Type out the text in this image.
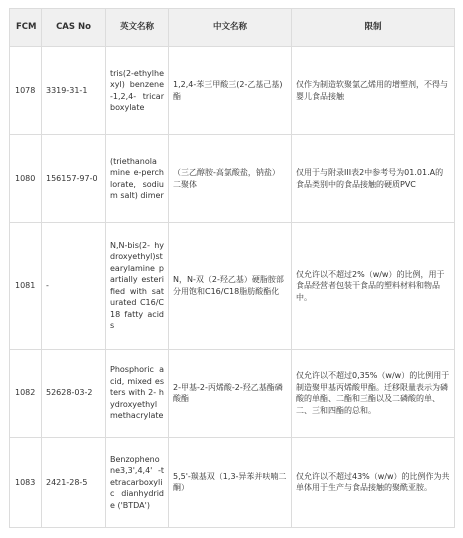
FCM	CAS No	英文名称	中文名称	限制
1078	3319-31-1	tris(2-ethylhexyl) benzene-1,2,4- tricarboxylate	1,2,4-苯三甲酸三(2-乙基己基)酯	仅作为制造软聚氯乙烯用的增塑剂，不得与婴儿食品接触
1080	156157-97-0	(triethanolamine e-perchlorate, sodium salt) dimer	（三乙醇胺-高氯酸盐，钠盐）二聚体	仅用于与附录III表2中参考号为01.01.A的食品类别中的食品接触的硬质PVC
1081	-	N,N-bis(2- hydroxyethyl)st earylamine partially esterified with saturated C16/C18 fatty acids	N，N-双（2-羟乙基）硬脂胺部分用饱和C16/C18脂肪酸酯化	仅允许以不超过2%（w/w）的比例，用于食品经营者包装干食品的塑料材料和物品中。
1082	52628-03-2	Phosphoric acid, mixed esters with 2- hydroxyethyl methacrylate	2-甲基-2-丙烯酸-2-羟乙基酯磷酸酯	仅允许以不超过0,35%（w/w）的比例用于制造聚甲基丙烯酸甲酯。迁移限量表示为磷酸的单酯、二酯和三酯以及二磷酸的单、二、三和四酯的总和。
1083	2421-28-5	Benzophenone3,3',4,4' -tetracarboxylic dianhydride ('BTDA')	5,5'-羰基双（1,3-异苯并呋喃二酮）	仅允许以不超过43%（w/w）的比例作为共单体用于生产与食品接触的聚酰亚胺。
